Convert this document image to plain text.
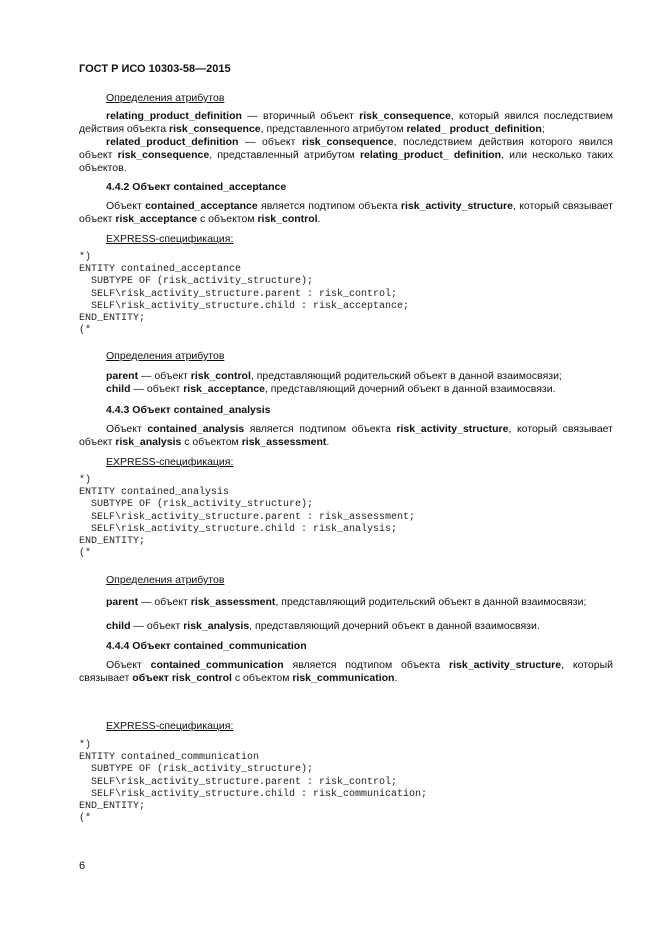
ГОСТ Р ИСО 10303-58—2015
Определения атрибутов
relating_product_definition — вторичный объект risk_consequence, который явился последствием действия объекта risk_consequence, представленного атрибутом related_ product_definition;
related_product_definition — объект risk_consequence, последствием действия которого явился объект risk_consequence, представленный атрибутом relating_product_ definition, или несколько таких объектов.
4.4.2 Объект contained_acceptance
Объект contained_acceptance является подтипом объекта risk_activity_structure, который связывает объект risk_acceptance с объектом risk_control.
EXPRESS-спецификация:
*)
ENTITY contained_acceptance
SUBTYPE OF (risk_activity_structure);
SELF\risk_activity_structure.parent : risk_control;
SELF\risk_activity_structure.child : risk_acceptance;
END_ENTITY;
(*
Определения атрибутов
parent — объект risk_control, представляющий родительский объект в данной взаимосвязи;
child — объект risk_acceptance, представляющий дочерний объект в данной взаимосвязи.
4.4.3 Объект contained_analysis
Объект contained_analysis является подтипом объекта risk_activity_structure, который связывает объект risk_analysis с объектом risk_assessment.
EXPRESS-спецификация:
*)
ENTITY contained_analysis
SUBTYPE OF (risk_activity_structure);
SELF\risk_activity_structure.parent : risk_assessment;
SELF\risk_activity_structure.child : risk_analysis;
END_ENTITY;
(*
Определения атрибутов
parent — объект risk_assessment, представляющий родительский объект в данной взаимосвязи;
child — объект risk_analysis, представляющий дочерний объект в данной взаимосвязи.
4.4.4 Объект contained_communication
Объект contained_communication является подтипом объекта risk_activity_structure, который связывает объект risk_control с объектом risk_communication.
EXPRESS-спецификация:
*)
ENTITY contained_communication
SUBTYPE OF (risk_activity_structure);
SELF\risk_activity_structure.parent : risk_control;
SELF\risk_activity_structure.child : risk_communication;
END_ENTITY;
(*
6
